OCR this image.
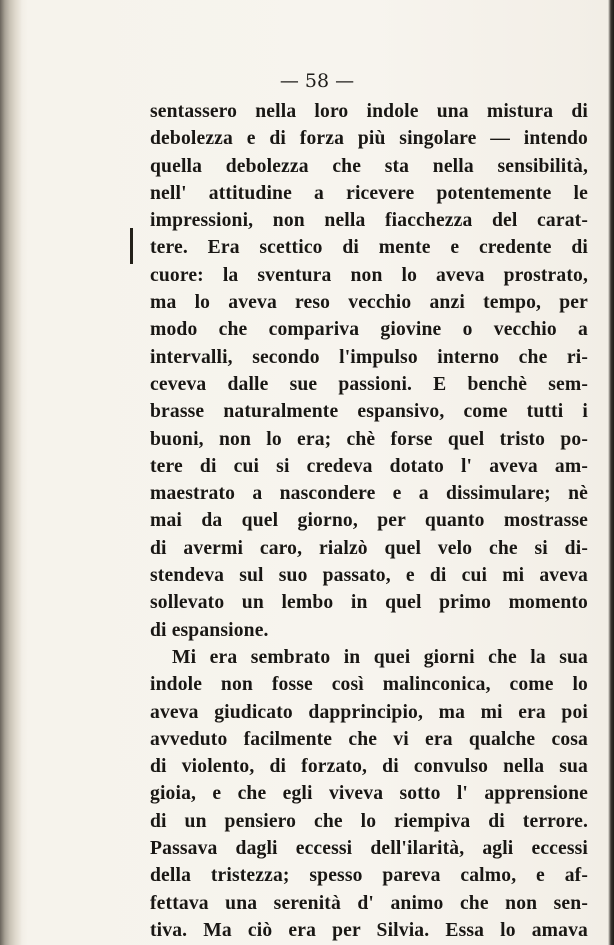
— 58 —
sentassero nella loro indole una mistura di
debolezza e di forza più singolare — intendo
quella debolezza che sta nella sensibilità,
nell' attitudine a ricevere potentemente le
impressioni, non nella fiacchezza del carat-
tere. Era scettico di mente e credente di
cuore: la sventura non lo aveva prostrato,
ma lo aveva reso vecchio anzi tempo, per
modo che compariva giovine o vecchio a
intervalli, secondo l'impulso interno che ri-
ceveva dalle sue passioni. E benchè sem-
brasse naturalmente espansivo, come tutti i
buoni, non lo era; chè forse quel tristo po-
tere di cui si credeva dotato l' aveva am-
maestrato a nascondere e a dissimulare; nè
mai da quel giorno, per quanto mostrasse
di avermi caro, rialzò quel velo che si di-
stendeva sul suo passato, e di cui mi aveva
sollevato un lembo in quel primo momento
di espansione.
Mi era sembrato in quei giorni che la sua
indole non fosse così malinconica, come lo
aveva giudicato dapprincipio, ma mi era poi
avveduto facilmente che vi era qualche cosa
di violento, di forzato, di convulso nella sua
gioia, e che egli viveva sotto l' apprensione
di un pensiero che lo riempiva di terrore.
Passava dagli eccessi dell'ilarità, agli eccessi
della tristezza; spesso pareva calmo, e af-
fettava una serenità d' animo che non sen-
tiva. Ma ciò era per Silvia. Essa lo amava
